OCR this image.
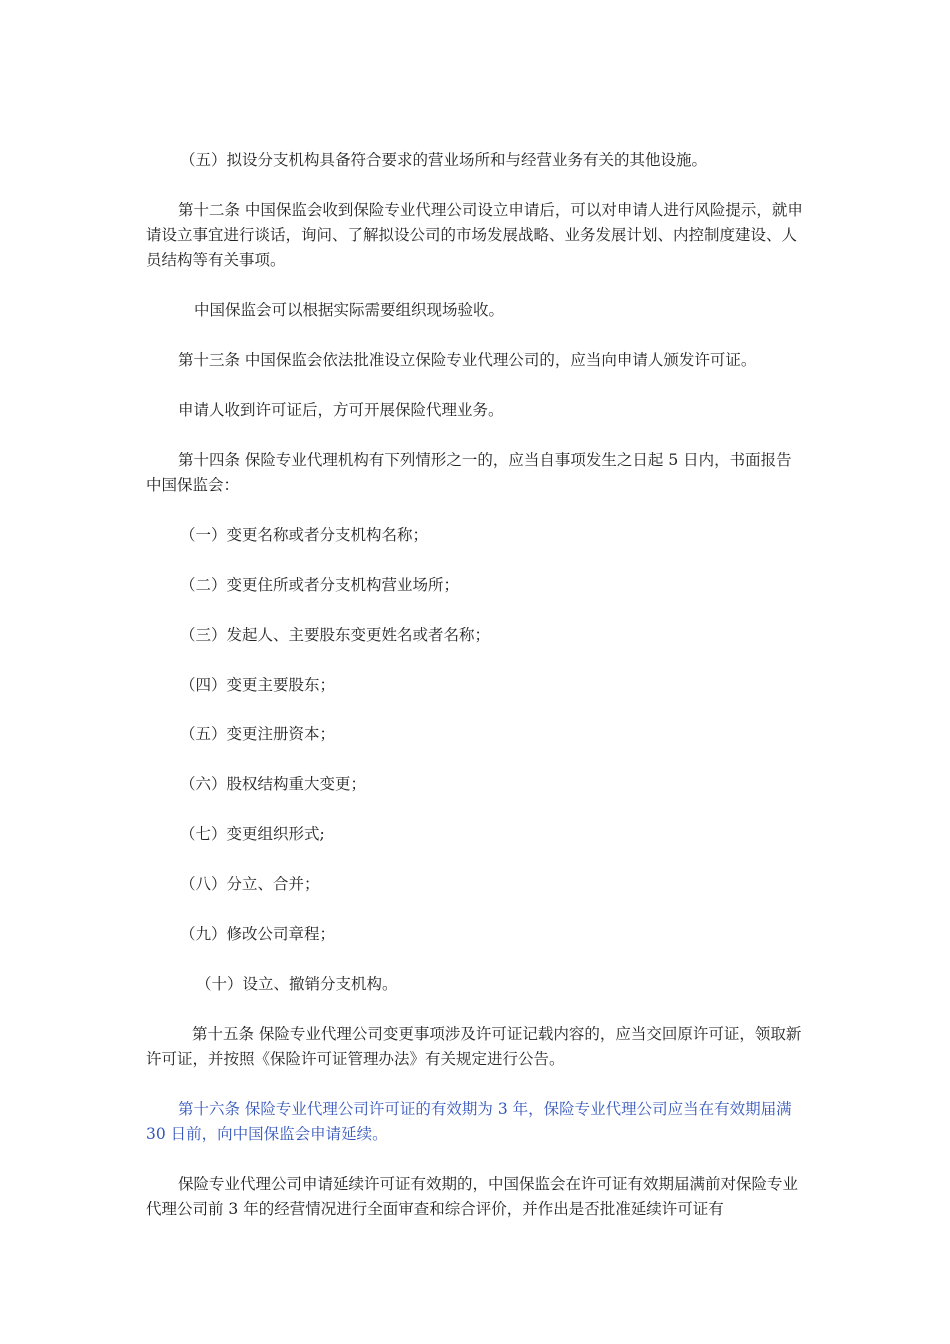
（五）拟设分支机构具备符合要求的营业场所和与经营业务有关的其他设施。

第十二条 中国保监会收到保险专业代理公司设立申请后，可以对申请人进行风险提示，就申请设立事宜进行谈话，询问、了解拟设公司的市场发展战略、业务发展计划、内控制度建设、人员结构等有关事项。

中国保监会可以根据实际需要组织现场验收。

第十三条 中国保监会依法批准设立保险专业代理公司的，应当向申请人颁发许可证。

申请人收到许可证后，方可开展保险代理业务。

第十四条 保险专业代理机构有下列情形之一的，应当自事项发生之日起 5 日内，书面报告中国保监会：

（一）变更名称或者分支机构名称；

（二）变更住所或者分支机构营业场所；

（三）发起人、主要股东变更姓名或者名称；

（四）变更主要股东；

（五）变更注册资本；

（六）股权结构重大变更；

（七）变更组织形式;

（八）分立、合并；

（九）修改公司章程；

（十）设立、撤销分支机构。

第十五条 保险专业代理公司变更事项涉及许可证记载内容的，应当交回原许可证，领取新许可证，并按照《保险许可证管理办法》有关规定进行公告。

第十六条 保险专业代理公司许可证的有效期为 3 年，保险专业代理公司应当在有效期届满 30 日前，向中国保监会申请延续。

保险专业代理公司申请延续许可证有效期的，中国保监会在许可证有效期届满前对保险专业代理公司前 3 年的经营情况进行全面审查和综合评价，并作出是否批准延续许可证有
